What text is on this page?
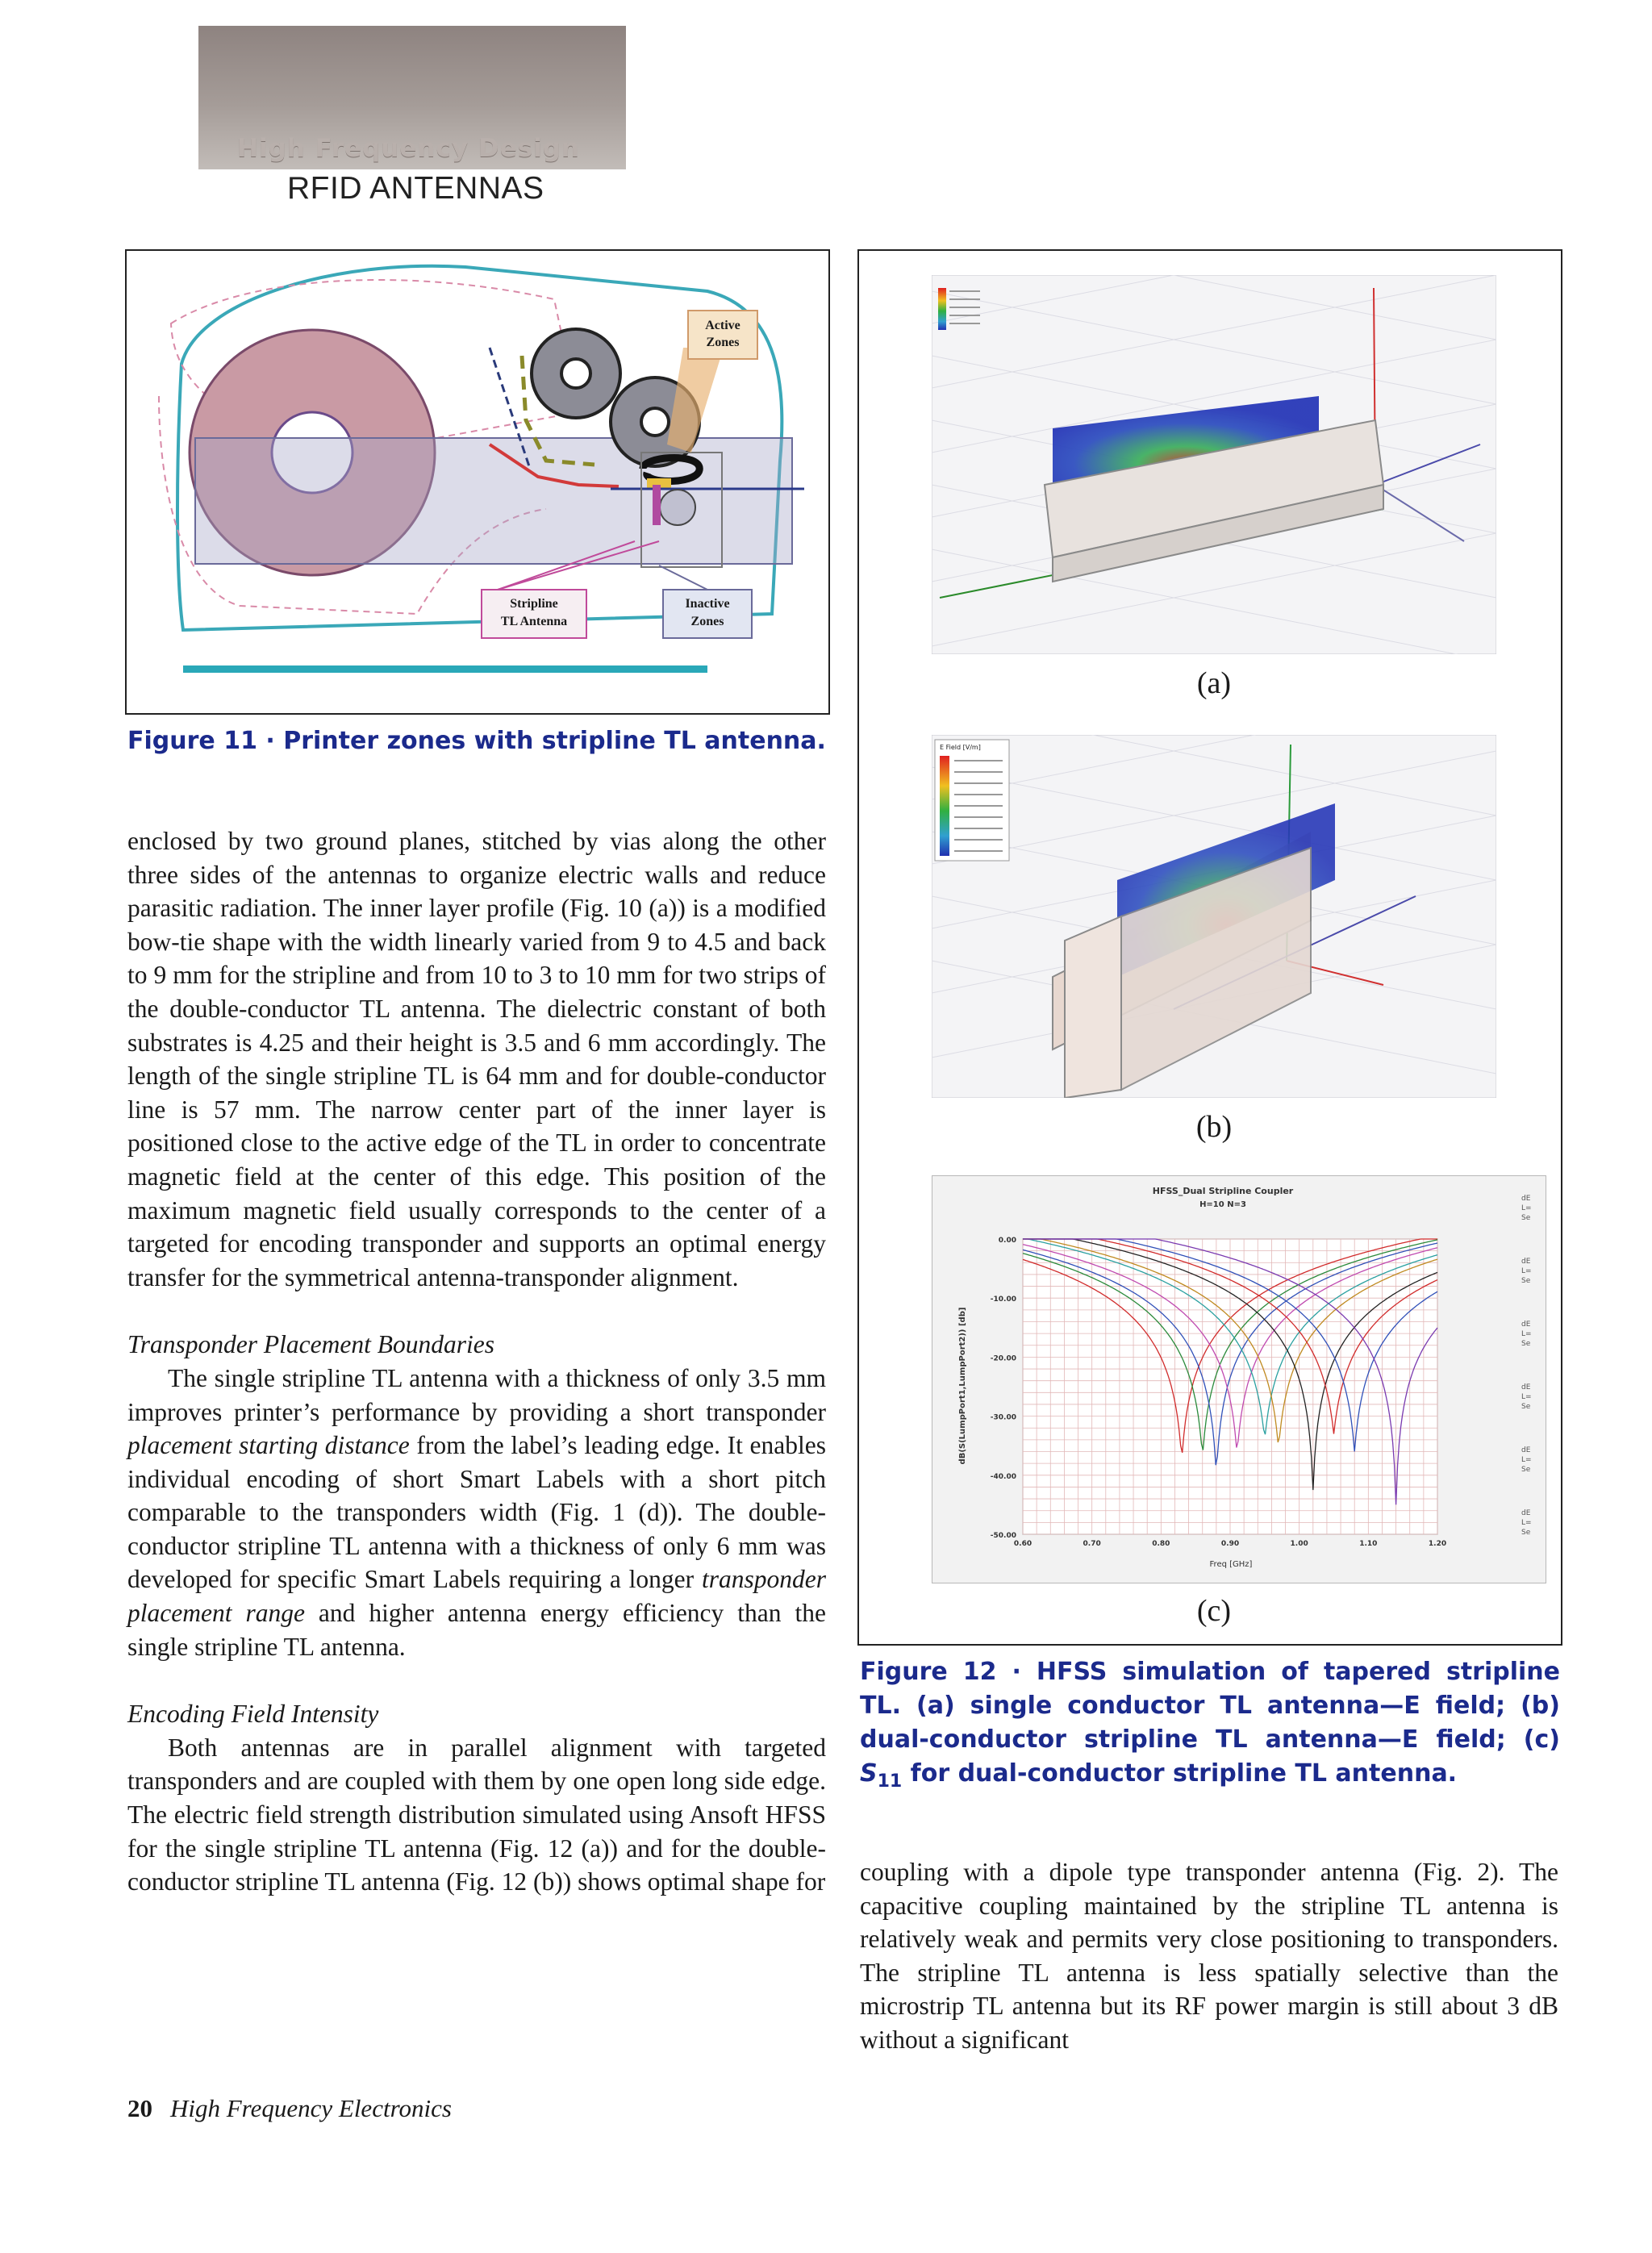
High Frequency Design
RFID ANTENNAS
Active
Zones
Stripline
TL Antenna
Inactive
Zones
Figure 11 · Printer zones with stripline TL antenna.
(a)
E Field [V/m]
(b)
HFSS_Dual Stripline Coupler
H=10 N=3
0.00
-10.00
-20.00
-30.00
-40.00
-50.00
0.60	0.70	0.80	0.90	1.00	1.10	1.20
Freq [GHz]
dB(S(LumpPort1,LumpPort2)) [db]
dE
L=
Se
dE
L=
Se
dE
L=
Se
dE
L=
Se
dE
L=
Se
dE
L=
Se
(c)
Figure 12 · HFSS simulation of tapered stripline TL. (a) single conductor TL antenna—E field; (b) dual-conductor stripline TL antenna—E field; (c) $S_{11}$ for dual-conductor stripline TL antenna.

enclosed by two ground planes, stitched by vias along the other three sides of the antennas to organize electric walls and reduce parasitic radiation. The inner layer profile (Fig. 10 (a)) is a modified bow-tie shape with the width linearly varied from 9 to 4.5 and back to 9 mm for the stripline and from 10 to 3 to 10 mm for two strips of the double-conductor TL antenna. The dielectric constant of both substrates is 4.25 and their height is 3.5 and 6 mm accordingly. The length of the single stripline TL is 64 mm and for double-conductor line is 57 mm. The narrow center part of the inner layer is positioned close to the active edge of the TL in order to concentrate magnetic field at the center of this edge. This position of the maximum magnetic field usually corresponds to the center of a targeted for encoding transponder and supports an optimal energy transfer for the symmetrical antenna-transponder alignment.

Transponder Placement Boundaries

The single stripline TL antenna with a thickness of only 3.5 mm improves printer’s performance by providing a short transponder placement starting distance from the label’s leading edge. It enables individual encoding of short Smart Labels with a short pitch comparable to the transponders width (Fig. 1 (d)). The double-conductor stripline TL antenna with a thickness of only 6 mm was developed for specific Smart Labels requiring a longer transponder placement range and higher antenna energy efficiency than the single stripline TL antenna.

Encoding Field Intensity

Both antennas are in parallel alignment with targeted transponders and are coupled with them by one open long side edge. The electric field strength distribution simulated using Ansoft HFSS for the single stripline TL antenna (Fig. 12 (a)) and for the double-conductor stripline TL antenna (Fig. 12 (b)) shows optimal shape for coupling with a dipole type transponder antenna (Fig. 2). The capacitive coupling maintained by the stripline TL antenna is relatively weak and permits very close positioning to transponders. The stripline TL antenna is less spatially selective than the microstrip TL antenna but its RF power margin is still about 3 dB without a significant

20 High Frequency Electronics
